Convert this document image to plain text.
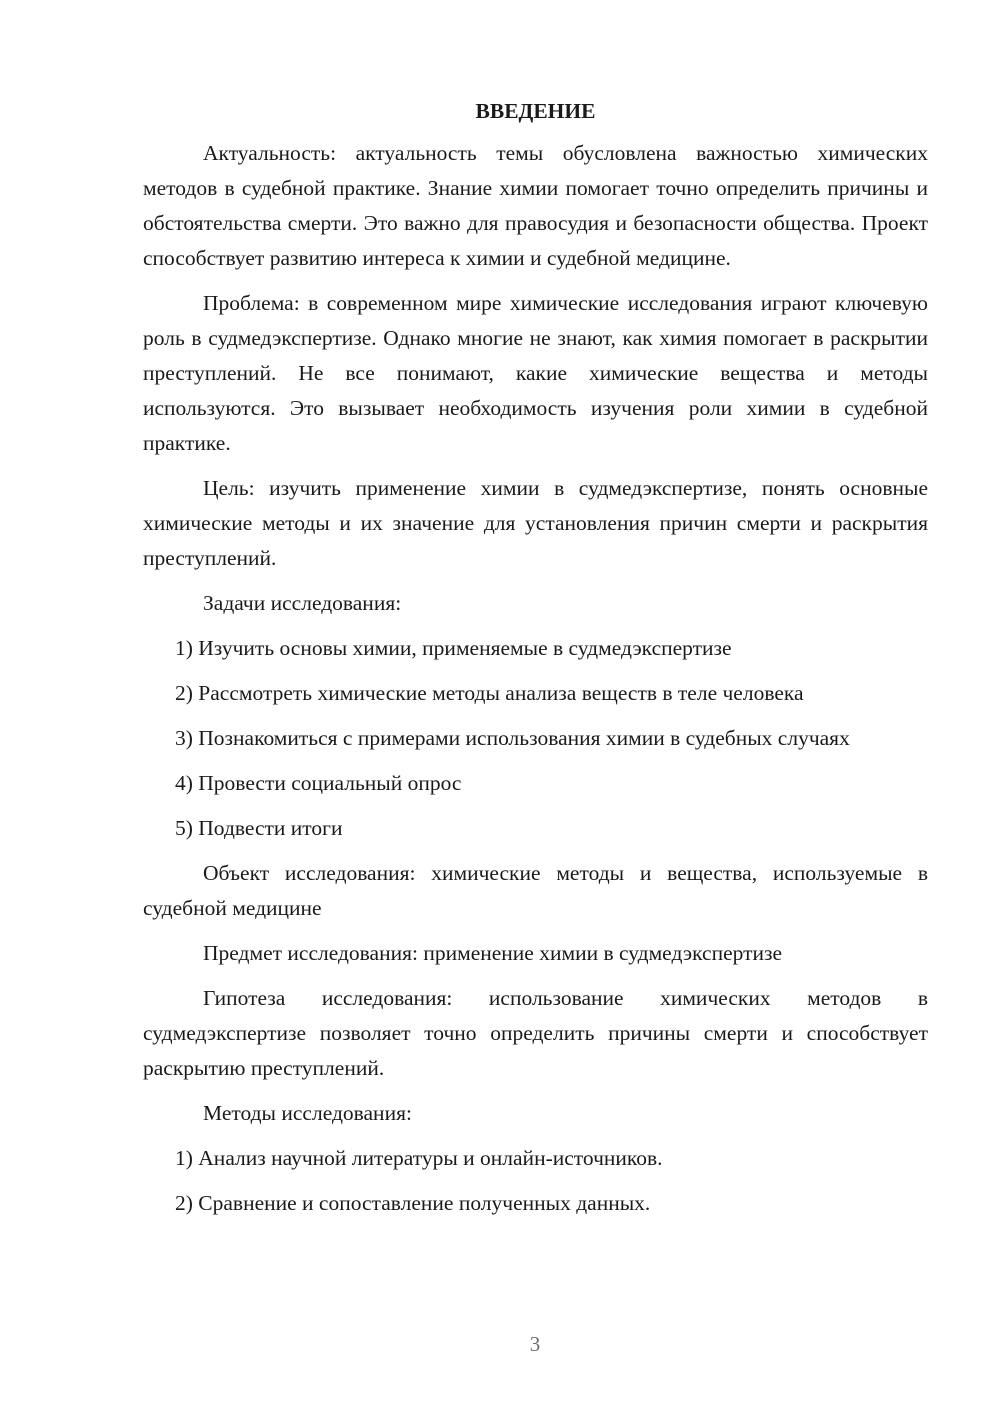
ВВЕДЕНИЕ

Актуальность: актуальность темы обусловлена важностью химических методов в судебной практике. Знание химии помогает точно определить причины и обстоятельства смерти. Это важно для правосудия и безопасности общества. Проект способствует развитию интереса к химии и судебной медицине.

Проблема: в современном мире химические исследования играют ключевую роль в судмедэкспертизе. Однако многие не знают, как химия помогает в раскрытии преступлений. Не все понимают, какие химические вещества и методы используются. Это вызывает необходимость изучения роли химии в судебной практике.

Цель: изучить применение химии в судмедэкспертизе, понять основные химические методы и их значение для установления причин смерти и раскрытия преступлений.

Задачи исследования:

1) Изучить основы химии, применяемые в судмедэкспертизе

2) Рассмотреть химические методы анализа веществ в теле человека

3) Познакомиться с примерами использования химии в судебных случаях

4) Провести социальный опрос

5) Подвести итоги

Объект исследования: химические методы и вещества, используемые в судебной медицине

Предмет исследования: применение химии в судмедэкспертизе

Гипотеза исследования: использование химических методов в судмедэкспертизе позволяет точно определить причины смерти и способствует раскрытию преступлений.

Методы исследования:

1) Анализ научной литературы и онлайн-источников.

2) Сравнение и сопоставление полученных данных.

3
